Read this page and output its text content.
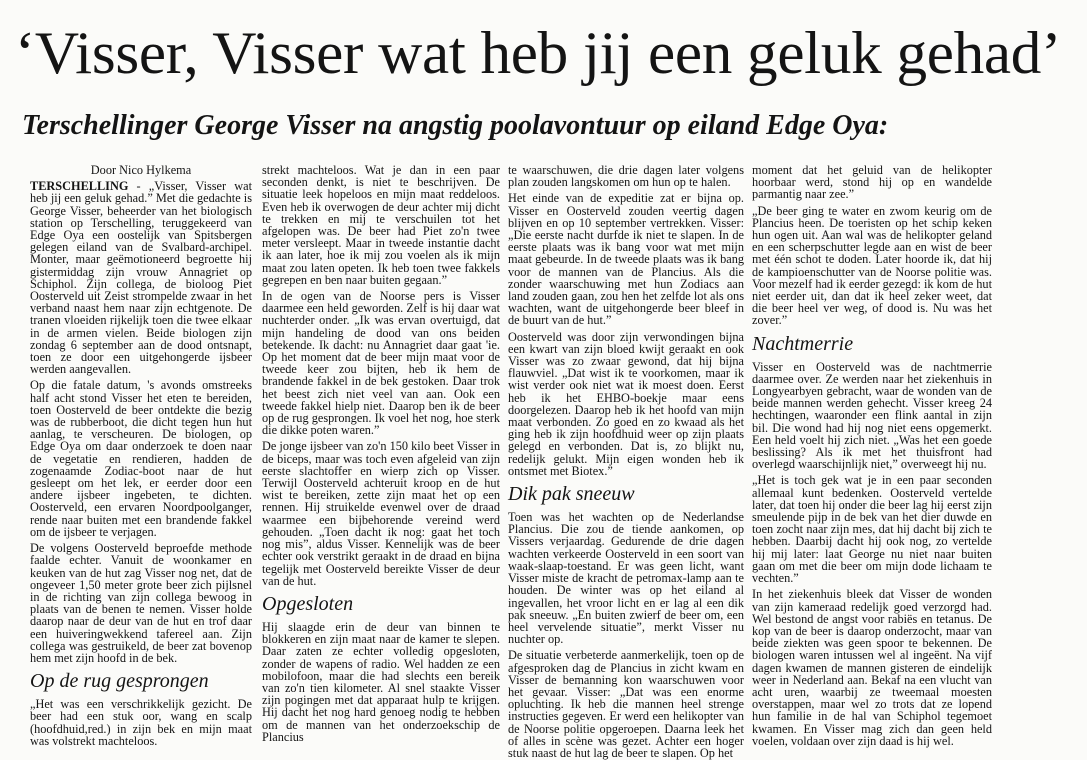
‘Visser, Visser wat heb jij een geluk gehad’
Terschellinger George Visser na angstig poolavontuur op eiland Edge Oya:

Door Nico Hylkema

TERSCHELLING - „Visser, Visser wat heb jij een geluk gehad.” Met die gedachte is George Visser, beheerder van het biologisch station op Terschelling, teruggekeerd van Edge Oya een oostelijk van Spitsbergen gelegen eiland van de Svalbard-archipel. Monter, maar geëmotioneerd begroette hij gistermiddag zijn vrouw Annagriet op Schiphol. Zijn collega, de bioloog Piet Oosterveld uit Zeist strompelde zwaar in het verband naast hem naar zijn echtgenote. De tranen vloeiden rijkelijk toen die twee elkaar in de armen vielen. Beide biologen zijn zondag 6 september aan de dood ontsnapt, toen ze door een uitgehongerde ijsbeer werden aangevallen.

Op die fatale datum, 's avonds omstreeks half acht stond Visser het eten te bereiden, toen Oosterveld de beer ontdekte die bezig was de rubberboot, die dicht tegen hun hut aanlag, te verscheuren. De biologen, op Edge Oya om daar onderzoek te doen naar de vegetatie en rendieren, hadden de zogenaamde Zodiac-boot naar de hut gesleept om het lek, er eerder door een andere ijsbeer ingebeten, te dichten. Oosterveld, een ervaren Noordpoolganger, rende naar buiten met een brandende fakkel om de ijsbeer te verjagen.

De volgens Oosterveld beproefde methode faalde echter. Vanuit de woonkamer en keuken van de hut zag Visser nog net, dat de ongeveer 1,50 meter grote beer zich pijlsnel in de richting van zijn collega bewoog in plaats van de benen te nemen. Visser holde daarop naar de deur van de hut en trof daar een huiveringwekkend tafereel aan. Zijn collega was gestruikeld, de beer zat bovenop hem met zijn hoofd in de bek.

Op de rug gesprongen

„Het was een verschrikkelijk gezicht. De beer had een stuk oor, wang en scalp (hoofdhuid,red.) in zijn bek en mijn maat was volstrekt machteloos.

strekt machteloos. Wat je dan in een paar seconden denkt, is niet te beschrijven. De situatie leek hopeloos en mijn maat reddeloos. Even heb ik overwogen de deur achter mij dicht te trekken en mij te verschuilen tot het afgelopen was. De beer had Piet zo'n twee meter versleept. Maar in tweede instantie dacht ik aan later, hoe ik mij zou voelen als ik mijn maat zou laten opeten. Ik heb toen twee fakkels gegrepen en ben naar buiten gegaan.”

In de ogen van de Noorse pers is Visser daarmee een held geworden. Zelf is hij daar wat nuchterder onder. „Ik was ervan overtuigd, dat mijn handeling de dood van ons beiden betekende. Ik dacht: nu Annagriet daar gaat 'ie. Op het moment dat de beer mijn maat voor de tweede keer zou bijten, heb ik hem de brandende fakkel in de bek gestoken. Daar trok het beest zich niet veel van aan. Ook een tweede fakkel hielp niet. Daarop ben ik de beer op de rug gesprongen. Ik voel het nog, hoe sterk die dikke poten waren.”

De jonge ijsbeer van zo'n 150 kilo beet Visser in de biceps, maar was toch even afgeleid van zijn eerste slachtoffer en wierp zich op Visser. Terwijl Oosterveld achteruit kroop en de hut wist te bereiken, zette zijn maat het op een rennen. Hij struikelde evenwel over de draad waarmee een bijbehorende vereind werd gehouden. „Toen dacht ik nog: gaat het toch nog mis”, aldus Visser. Kennelijk was de beer echter ook verstrikt geraakt in de draad en bijna tegelijk met Oosterveld bereikte Visser de deur van de hut.

Opgesloten

Hij slaagde erin de deur van binnen te blokkeren en zijn maat naar de kamer te slepen. Daar zaten ze echter volledig opgesloten, zonder de wapens of radio. Wel hadden ze een mobilofoon, maar die had slechts een bereik van zo'n tien kilometer. Al snel staakte Visser zijn pogingen met dat apparaat hulp te krijgen. Hij dacht het nog hard genoeg nodig te hebben om de mannen van het onderzoekschip de Plancius

te waarschuwen, die drie dagen later volgens plan zouden langskomen om hun op te halen.

Het einde van de expeditie zat er bijna op. Visser en Oosterveld zouden veertig dagen blijven en op 10 september vertrekken. Visser: „Die eerste nacht durfde ik niet te slapen. In de eerste plaats was ik bang voor wat met mijn maat gebeurde. In de tweede plaats was ik bang voor de mannen van de Plancius. Als die zonder waarschuwing met hun Zodiacs aan land zouden gaan, zou hen het zelfde lot als ons wachten, want de uitgehongerde beer bleef in de buurt van de hut.”

Oosterveld was door zijn verwondingen bijna een kwart van zijn bloed kwijt geraakt en ook Visser was zo zwaar gewond, dat hij bijna flauwviel. „Dat wist ik te voorkomen, maar ik wist verder ook niet wat ik moest doen. Eerst heb ik het EHBO-boekje maar eens doorgelezen. Daarop heb ik het hoofd van mijn maat verbonden. Zo goed en zo kwaad als het ging heb ik zijn hoofdhuid weer op zijn plaats gelegd en verbonden. Dat is, zo blijkt nu, redelijk gelukt. Mijn eigen wonden heb ik ontsmet met Biotex.”

Dik pak sneeuw

Toen was het wachten op de Nederlandse Plancius. Die zou de tiende aankomen, op Vissers verjaardag. Gedurende de drie dagen wachten verkeerde Oosterveld in een soort van waak-slaap-toestand. Er was geen licht, want Visser miste de kracht de petromax-lamp aan te houden. De winter was op het eiland al ingevallen, het vroor licht en er lag al een dik pak sneeuw. „En buiten zwierf de beer om, een heel vervelende situatie”, merkt Visser nu nuchter op.

De situatie verbeterde aanmerkelijk, toen op de afgesproken dag de Plancius in zicht kwam en Visser de bemanning kon waarschuwen voor het gevaar. Visser: „Dat was een enorme opluchting. Ik heb die mannen heel strenge instructies gegeven. Er werd een helikopter van de Noorse politie opgeroepen. Daarna leek het of alles in scène was gezet. Achter een hoger stuk naast de hut lag de beer te slapen. Op het

moment dat het geluid van de helikopter hoorbaar werd, stond hij op en wandelde parmantig naar zee.”

„De beer ging te water en zwom keurig om de Plancius heen. De toeristen op het schip keken hun ogen uit. Aan wal was de helikopter geland en een scherpschutter legde aan en wist de beer met één schot te doden. Later hoorde ik, dat hij de kampioenschutter van de Noorse politie was. Voor mezelf had ik eerder gezegd: ik kom de hut niet eerder uit, dan dat ik heel zeker weet, dat die beer heel ver weg, of dood is. Nu was het zover.”

Nachtmerrie

Visser en Oosterveld was de nachtmerrie daarmee over. Ze werden naar het ziekenhuis in Longyearbyen gebracht, waar de wonden van de beide mannen werden gehecht. Visser kreeg 24 hechtingen, waaronder een flink aantal in zijn bil. Die wond had hij nog niet eens opgemerkt. Een held voelt hij zich niet. „Was het een goede beslissing? Als ik met het thuisfront had overlegd waarschijnlijk niet,” overweegt hij nu.

„Het is toch gek wat je in een paar seconden allemaal kunt bedenken. Oosterveld vertelde later, dat toen hij onder die beer lag hij eerst zijn smeulende pijp in de bek van het dier duwde en toen zocht naar zijn mes, dat hij dacht bij zich te hebben. Daarbij dacht hij ook nog, zo vertelde hij mij later: laat George nu niet naar buiten gaan om met die beer om mijn dode lichaam te vechten.”

In het ziekenhuis bleek dat Visser de wonden van zijn kameraad redelijk goed verzorgd had. Wel bestond de angst voor rabiës en tetanus. De kop van de beer is daarop onderzocht, maar van beide ziekten was geen spoor te bekennen. De biologen waren intussen wel al ingeënt. Na vijf dagen kwamen de mannen gisteren de eindelijk weer in Nederland aan. Bekaf na een vlucht van acht uren, waarbij ze tweemaal moesten overstappen, maar wel zo trots dat ze lopend hun familie in de hal van Schiphol tegemoet kwamen. En Visser mag zich dan geen held voelen, voldaan over zijn daad is hij wel.
